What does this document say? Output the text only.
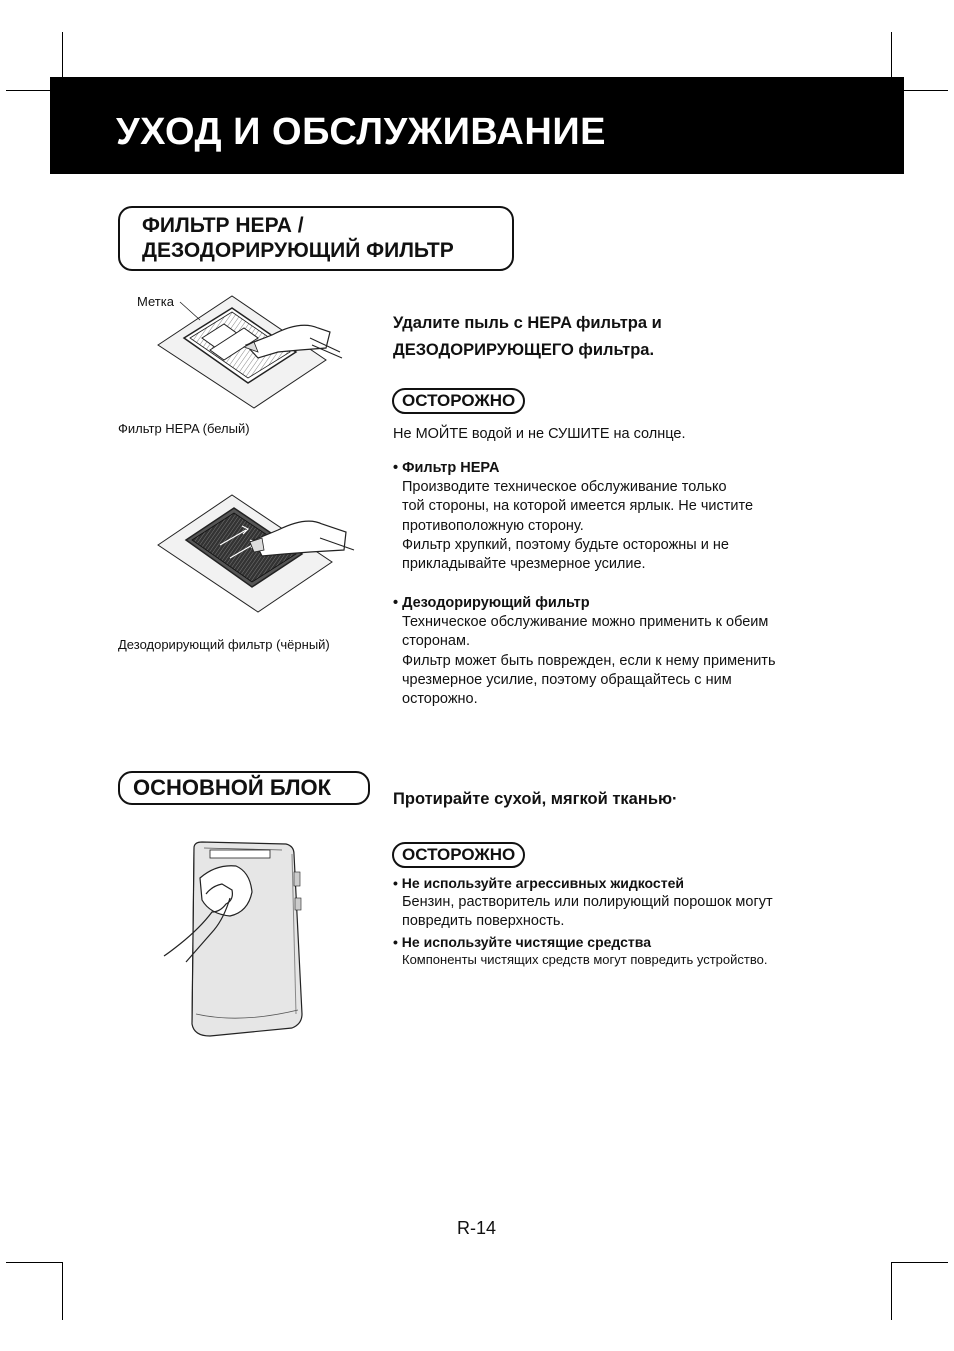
УХОД И ОБСЛУЖИВАНИЕ
ФИЛЬТР НЕРА /
ДЕЗОДОРИРУЮЩИЙ ФИЛЬТР
Метка
Фильтр HEPA (белый)
Дезодорирующий фильтр (чёрный)
Удалите пыль с HEPA фильтра и
ДЕЗОДОРИРУЮЩЕГО фильтра.
ОСТОРОЖНО
Не МОЙТЕ водой и не СУШИТЕ на солнце.
• Фильтр HEPA
Производите техническое обслуживание только
той стороны, на которой имеется ярлык. Не чистите
противоположную сторону.
Фильтр хрупкий, поэтому будьте осторожны и не
прикладывайте чрезмерное усилие.
• Дезодорирующий фильтр
Техническое обслуживание можно применить к обеим
сторонам.
Фильтр может быть поврежден, если к нему применить
чрезмерное усилие, поэтому обращайтесь с ним
осторожно.
ОСНОВНОЙ БЛОК	Протирайте сухой, мягкой тканью·
ОСТОРОЖНО
• Не используйте агрессивных жидкостей
Бензин, растворитель или полирующий порошок могут
повредить поверхность.
• Не используйте чистящие средства
Компоненты чистящих средств могут повредить устройство.
R-14
